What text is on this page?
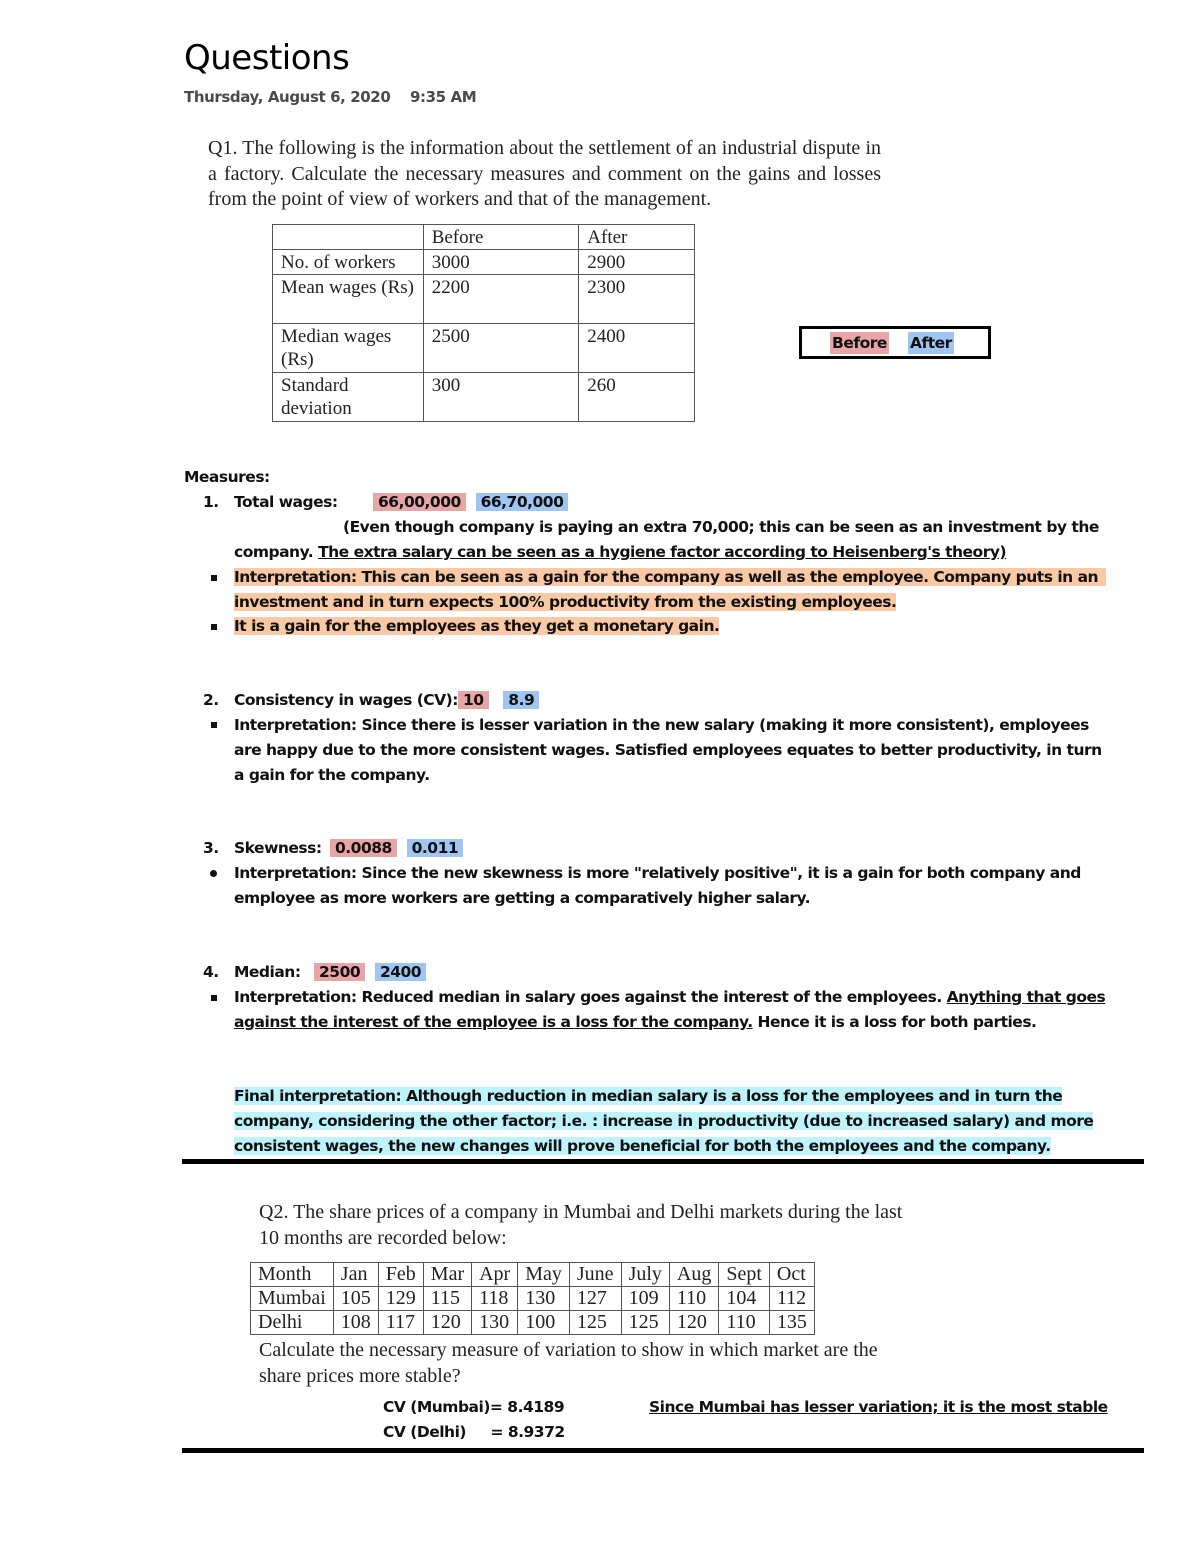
Questions
Thursday, August 6, 2020 9:35 AM
Q1. The following is the information about the settlement of an industrial dispute in a factory. Calculate the necessary measures and comment on the gains and losses from the point of view of workers and that of the management.
	Before	After
No. of workers	3000	2900
Mean wages (Rs)	2200	2300
Median wages (Rs)	2500	2400
Standard deviation	300	260
Before After
Measures:
1. Total wages:	66,00,000 66,70,000
(Even though company is paying an extra 70,000; this can be seen as an investment by the
company. The extra salary can be seen as a hygiene factor according to Heisenberg's theory)
Interpretation: This can be seen as a gain for the company as well as the employee. Company puts in an
investment and in turn expects 100% productivity from the existing employees.
It is a gain for the employees as they get a monetary gain.
2. Consistency in wages (CV): 10 8.9
Interpretation: Since there is lesser variation in the new salary (making it more consistent), employees
are happy due to the more consistent wages. Satisfied employees equates to better productivity, in turn
a gain for the company.
3. Skewness: 0.0088 0.011
Interpretation: Since the new skewness is more "relatively positive", it is a gain for both company and
employee as more workers are getting a comparatively higher salary.
4. Median:	2500 2400
Interpretation: Reduced median in salary goes against the interest of the employees. Anything that goes
against the interest of the employee is a loss for the company. Hence it is a loss for both parties.
Final interpretation: Although reduction in median salary is a loss for the employees and in turn the
company, considering the other factor; i.e. : increase in productivity (due to increased salary) and more
consistent wages, the new changes will prove beneficial for both the employees and the company.
Q2. The share prices of a company in Mumbai and Delhi markets during the last
10 months are recorded below:
Month	Jan	Feb	Mar	Apr	May	June	July	Aug	Sept	Oct
Mumbai	105	129	115	118	130	127	109	110	104	112
Delhi	108	117	120	130	100	125	125	120	110	135
Calculate the necessary measure of variation to show in which market are the
share prices more stable?
CV (Mumbai)= 8.4189
CV (Delhi)     = 8.9372
Since Mumbai has lesser variation; it is the most stable
